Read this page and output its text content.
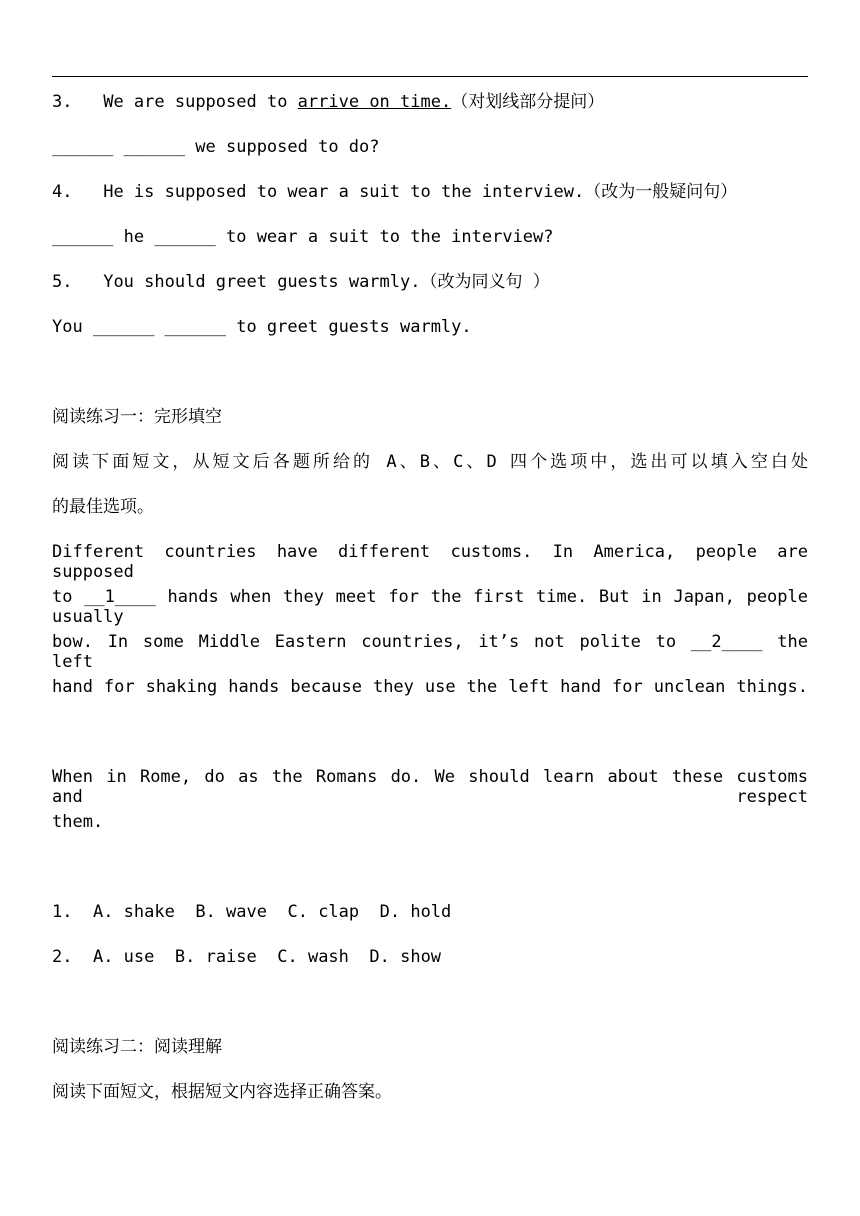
3. We are supposed to arrive on time.（对划线部分提问）
______ ______ we supposed to do?
4. He is supposed to wear a suit to the interview.（改为一般疑问句）
______ he ______ to wear a suit to the interview?
5. You should greet guests warmly.（改为同义句 ）
You ______ ______ to greet guests warmly.
阅读练习一：完形填空
阅读下面短文，从短文后各题所给的 A、B、C、D 四个选项中，选出可以填入空白处
的最佳选项。
Different countries have different customs. In America, people are supposed
to __1____ hands when they meet for the first time. But in Japan, people usually
bow. In some Middle Eastern countries, it’s not polite to __2____ the left
hand for shaking hands because they use the left hand for unclean things.
When in Rome, do as the Romans do. We should learn about these customs and respect
them.
1. A. shake B. wave C. clap D. hold
2. A. use B. raise C. wash D. show
阅读练习二：阅读理解
阅读下面短文，根据短文内容选择正确答案。
